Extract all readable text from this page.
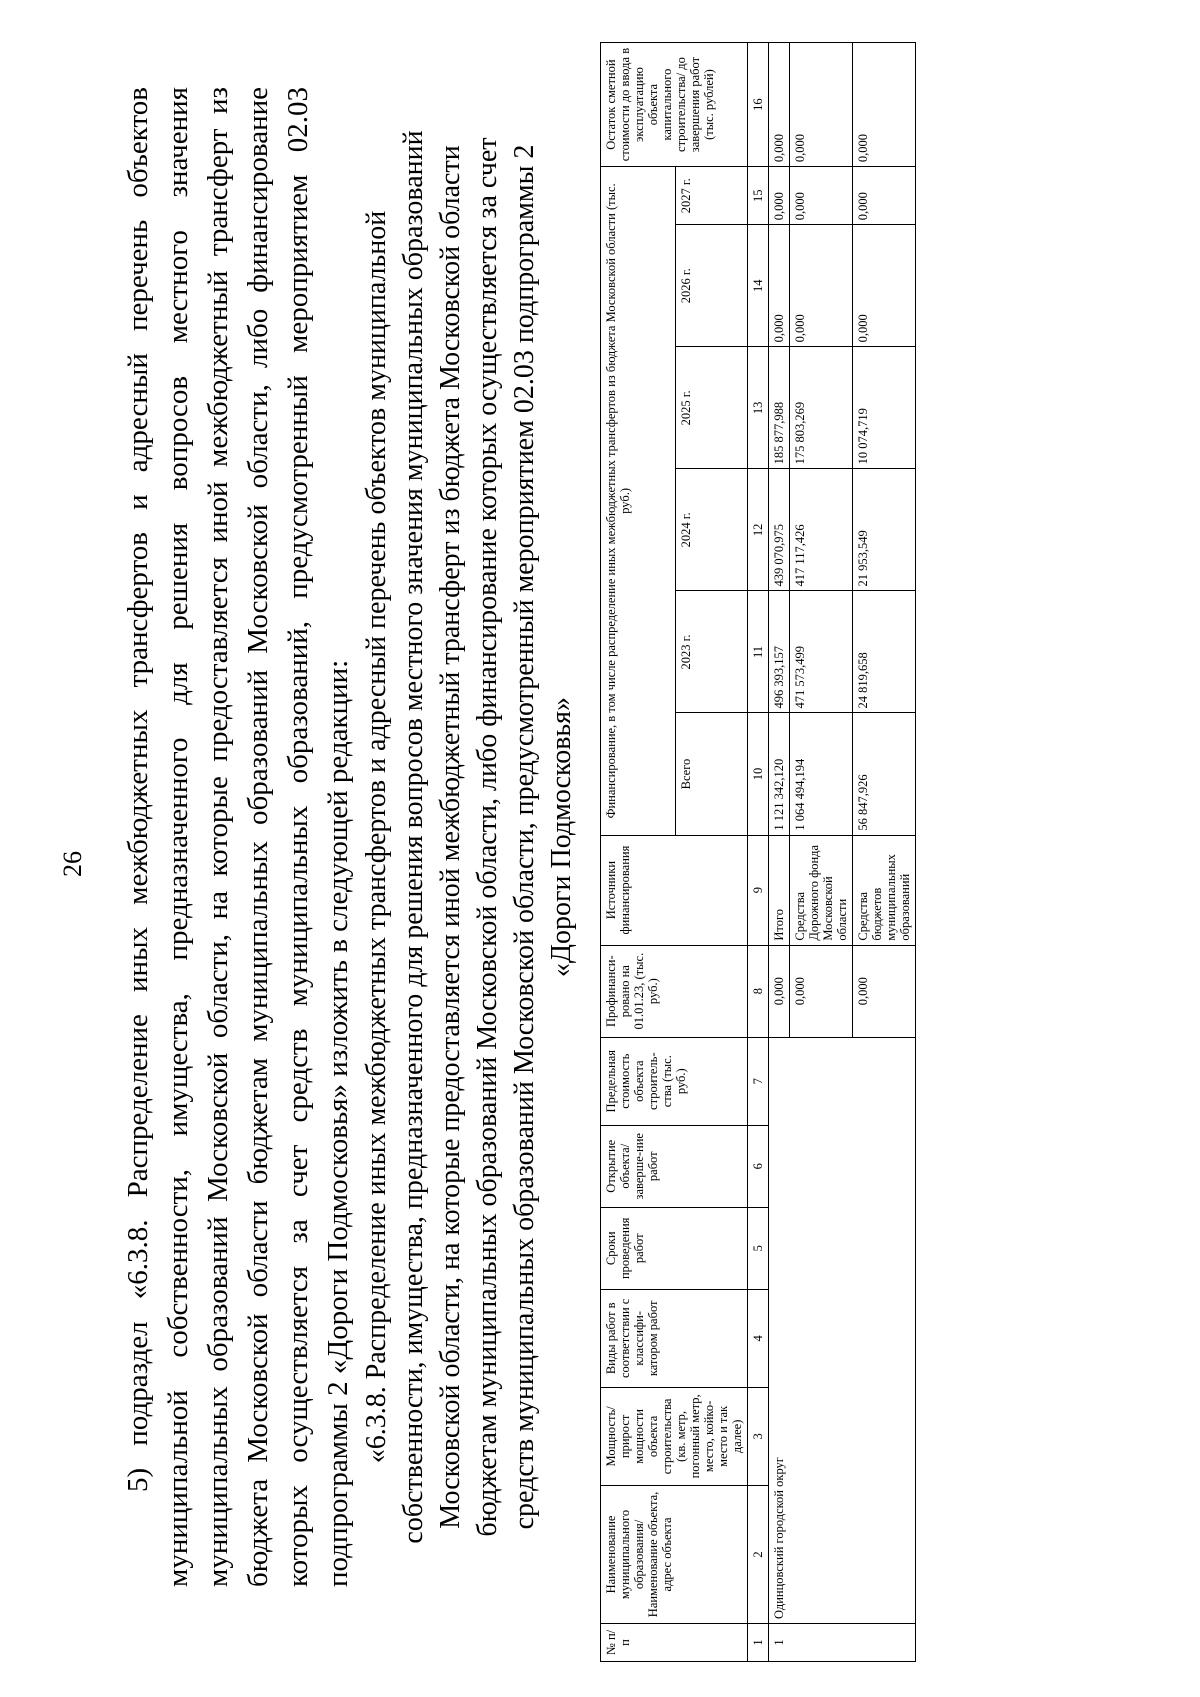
26 5) подраздел «6.3.8. Распределение иных межбюджетных трансфертов и адресный перечень объектов муниципальной собственности, имущества, предназначенного для решения вопросов местного значения муниципальных образований Московской области, на которые предоставляется иной межбюджетный трансферт из бюджета Московской области бюджетам муниципальных образований Московской области, либо финансирование которых осуществляется за счет средств муниципальных образований, предусмотренный мероприятием 02.03 подпрограммы 2 «Дороги Подмосковья» изложить в следующей редакции: «6.3.8. Распределение иных межбюджетных трансфертов и адресный перечень объектов муниципальной собственности, имущества, предназначенного для решения вопросов местного значения муниципальных образований Московской области, на которые предоставляется иной межбюджетный трансферт из бюджета Московской области бюджетам муниципальных образований Московской области, либо финансирование которых осуществляется за счет средств муниципальных образований Московской области, предусмотренный мероприятием 02.03 подпрограммы 2 «Дороги Подмосковья»

№ п/п	Наименование муниципального образования/ Наименование объекта, адрес объекта	Мощность/ прирост мощности объекта строительства (кв. метр, погонный метр, место, койко-место и так далее)	Виды работ в соответствии с классифи-катором работ	Сроки проведения работ	Открытие объекта/ заверше-ние работ	Предельная стоимость объекта строитель-ства (тыс. руб.)	Профинанси-ровано на 01.01.23, (тыс. руб.)	Источники финансирования	Финансирование, в том числе распределение иных межбюджетных трансфертов из бюджета Московской области (тыс. руб.)						Остаток сметной стоимости до ввода в эксплуатацию объекта капитального строительства/ до завершения работ (тыс. рублей)
									Всего	2023 г.	2024 г.	2025 г.	2026 г.	2027 г.	
1	2	3	4	5	6	7	8	9	10	11	12	13	14	15	16
1	Одинцовский городской округ						0,000	Итого	1 121 342,120	496 393,157	439 070,975	185 877,988	0,000	0,000	0,000
							0,000	Средства Дорожного фонда Московской области	1 064 494,194	471 573,499	417 117,426	175 803,269	0,000	0,000	0,000
							0,000	Средства бюджетов муниципальных образований	56 847,926	24 819,658	21 953,549	10 074,719	0,000	0,000	0,000
